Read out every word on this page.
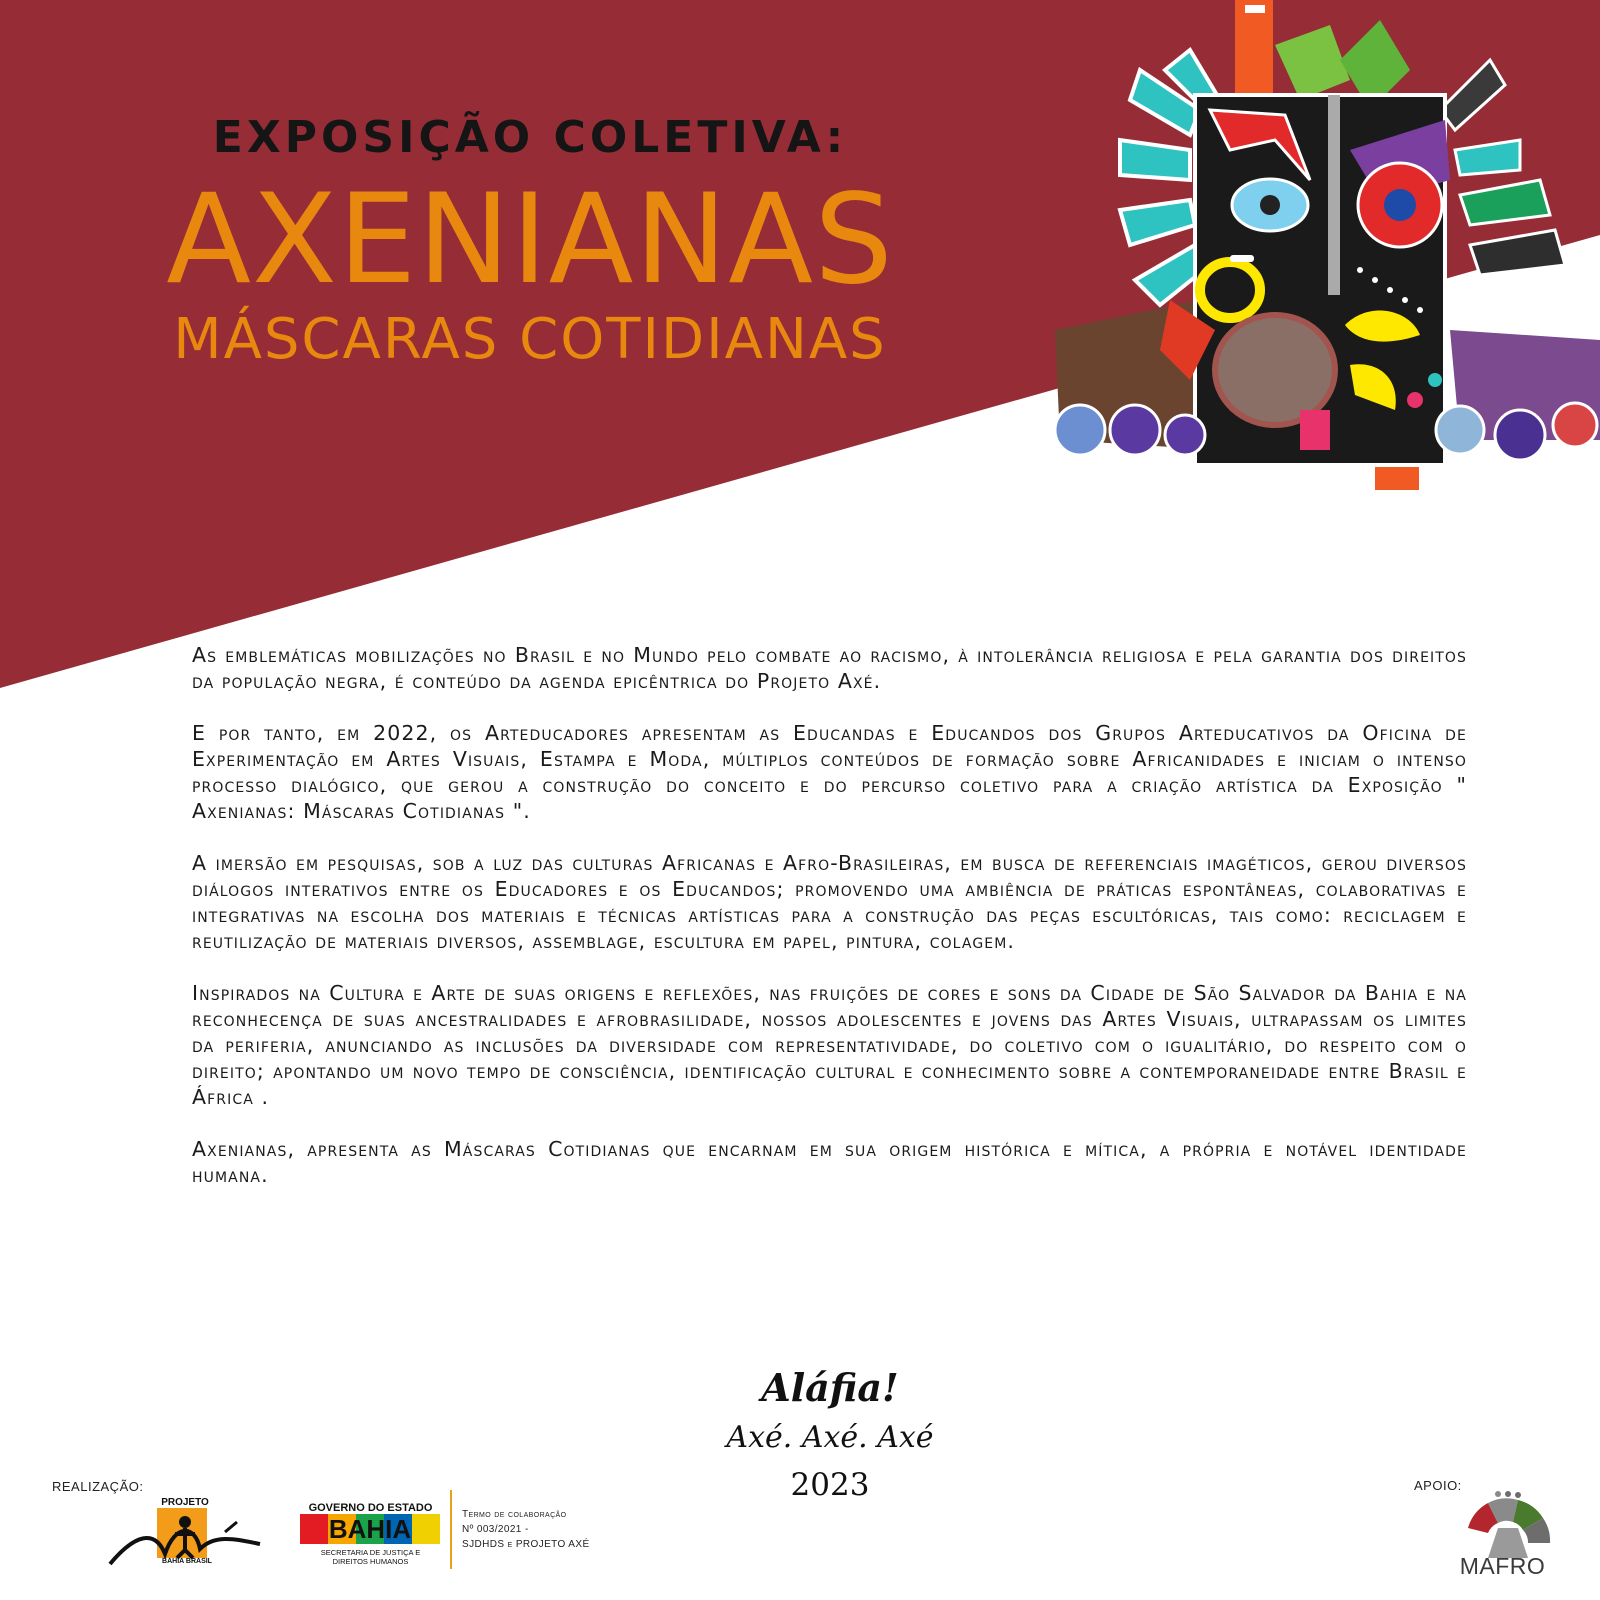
EXPOSIÇÃO COLETIVA:
AXENIANAS
MÁSCARAS COTIDIANAS

As emblemáticas mobilizações no Brasil e no Mundo pelo combate ao racismo, à intolerância religiosa e pela garantia dos direitos da população negra, é conteúdo da agenda epicêntrica do Projeto Axé.

E por tanto, em 2022, os Arteducadores apresentam as Educandas e Educandos dos Grupos Arteducativos da Oficina de Experimentação em Artes Visuais, Estampa e Moda, múltiplos conteúdos de formação sobre Africanidades e iniciam o intenso processo dialógico, que gerou a construção do conceito e do percurso coletivo para a criação artística da Exposição " Axenianas: Máscaras Cotidianas ".

A imersão em pesquisas, sob a luz das culturas Africanas e Afro-Brasileiras, em busca de referenciais imagéticos, gerou diversos diálogos interativos entre os Educadores e os Educandos; promovendo uma ambiência de práticas espontâneas, colaborativas e integrativas na escolha dos materiais e técnicas artísticas para a construção das peças escultóricas, tais como: reciclagem e reutilização de materiais diversos, assemblage, escultura em papel, pintura, colagem.

Inspirados na Cultura e Arte de suas origens e reflexões, nas fruições de cores e sons da Cidade de São Salvador da Bahia e na reconhecença de suas ancestralidades e afrobrasilidade, nossos adolescentes e jovens das Artes Visuais, ultrapassam os limites da periferia, anunciando as inclusões da diversidade com representatividade, do coletivo com o igualitário, do respeito com o direito; apontando um novo tempo de consciência, identificação cultural e conhecimento sobre a contemporaneidade entre Brasil e África .

Axenianas, apresenta as Máscaras Cotidianas que encarnam em sua origem histórica e mítica, a própria e notável identidade humana.

Aláfia!
Axé. Axé. Axé
2023
REALIZAÇÃO:
PROJETO
BAHIA BRASIL
BAHIA
GOVERNO DO ESTADO
SECRETARIA DE JUSTIÇA E DIREITOS HUMANOS
Termo de colaboração
Nº 003/2021 -
SJDHDS e PROJETO AXÉ
APOIO:
MAFRO
